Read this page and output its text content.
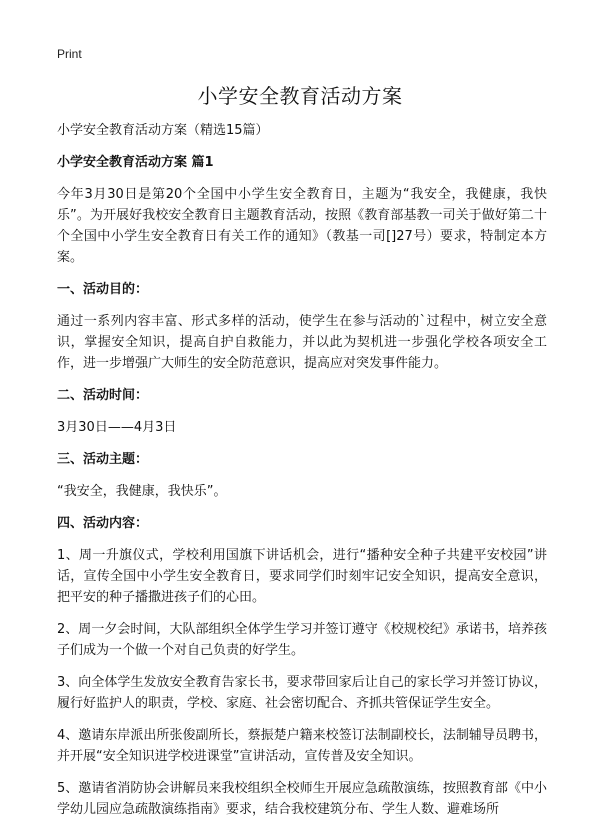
Print
小学安全教育活动方案

小学安全教育活动方案（精选15篇）

小学安全教育活动方案 篇1

今年3月30日是第20个全国中小学生安全教育日，主题为“我安全，我健康，我快乐”。为开展好我校安全教育日主题教育活动，按照《教育部基教一司关于做好第二十个全国中小学生安全教育日有关工作的通知》（教基一司[]27号）要求，特制定本方案。

一、活动目的：

通过一系列内容丰富、形式多样的活动，使学生在参与活动的`过程中，树立安全意识，掌握安全知识，提高自护自救能力，并以此为契机进一步强化学校各项安全工作，进一步增强广大师生的安全防范意识，提高应对突发事件能力。

二、活动时间：

3月30日——4月3日

三、活动主题：

“我安全，我健康，我快乐”。

四、活动内容：

1、周一升旗仪式，学校利用国旗下讲话机会，进行“播种安全种子共建平安校园”讲话，宣传全国中小学生安全教育日，要求同学们时刻牢记安全知识，提高安全意识，把平安的种子播撒进孩子们的心田。

2、周一夕会时间，大队部组织全体学生学习并签订遵守《校规校纪》承诺书，培养孩子们成为一个做一个对自己负责的好学生。

3、向全体学生发放安全教育告家长书，要求带回家后让自己的家长学习并签订协议，履行好监护人的职责，学校、家庭、社会密切配合、齐抓共管保证学生安全。

4、邀请东岸派出所张俊副所长，蔡振楚户籍来校签订法制副校长，法制辅导员聘书，并开展“安全知识进学校进课堂”宣讲活动，宣传普及安全知识。

5、邀请省消防协会讲解员来我校组织全校师生开展应急疏散演练，按照教育部《中小学幼儿园应急疏散演练指南》要求，结合我校建筑分布、学生人数、避难场所
